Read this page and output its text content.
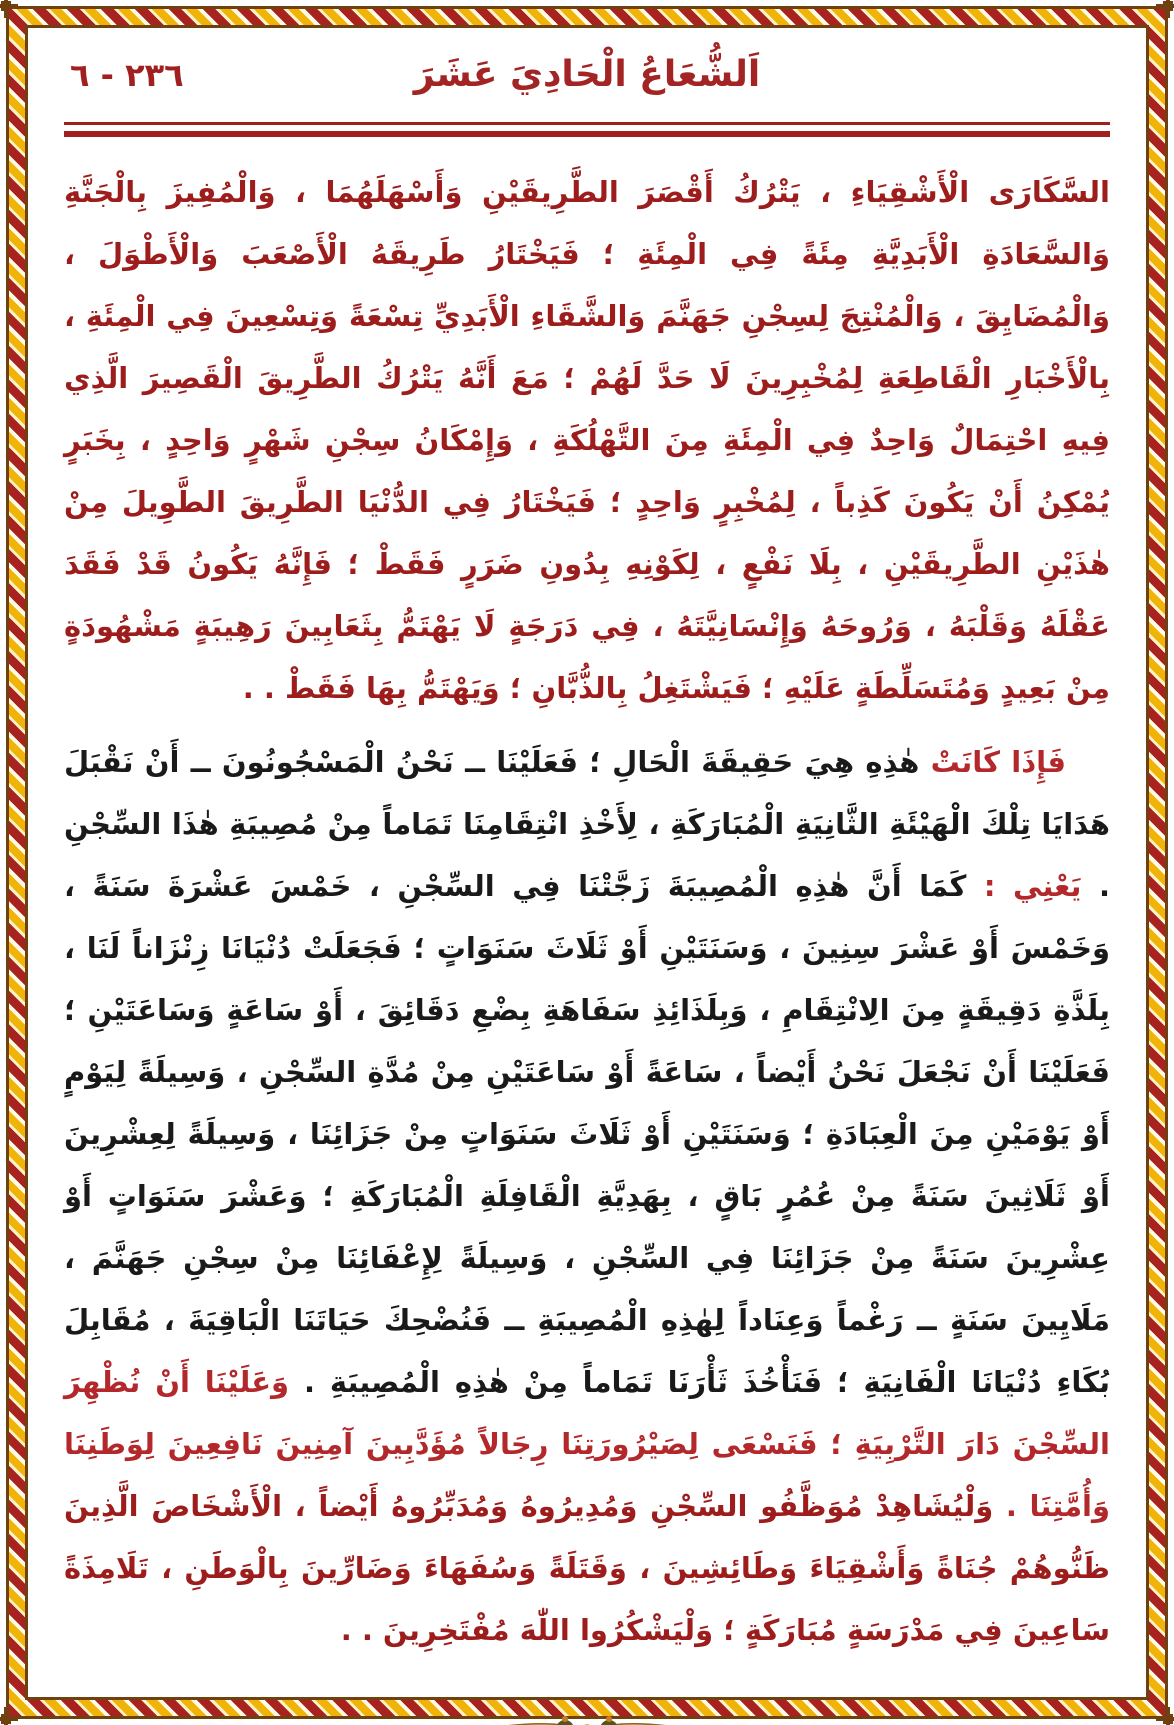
اَلشُّعَاعُ الْحَادِيَ عَشَرَ
٢٣٦ - ٦

السَّكَارَى الْأَشْقِيَاءِ ، يَتْرُكُ أَقْصَرَ الطَّرِيقَيْنِ وَأَسْهَلَهُمَا ، وَالْمُفِيزَ بِالْجَنَّةِ وَالسَّعَادَةِ الْأَبَدِيَّةِ مِئَةً فِي الْمِئَةِ ؛ فَيَخْتَارُ طَرِيقَهُ الْأَصْعَبَ وَالْأَطْوَلَ ، وَالْمُضَايِقَ ، وَالْمُنْتِجَ لِسِجْنِ جَهَنَّمَ وَالشَّقَاءِ الْأَبَدِيِّ تِسْعَةً وَتِسْعِينَ فِي الْمِئَةِ ، بِالْأَخْبَارِ الْقَاطِعَةِ لِمُخْبِرِينَ لَا حَدَّ لَهُمْ ؛ مَعَ أَنَّهُ يَتْرُكُ الطَّرِيقَ الْقَصِيرَ الَّذِي فِيهِ احْتِمَالٌ وَاحِدٌ فِي الْمِئَةِ مِنَ التَّهْلُكَةِ ، وَإِمْكَانُ سِجْنِ شَهْرٍ وَاحِدٍ ، بِخَبَرٍ يُمْكِنُ أَنْ يَكُونَ كَذِباً ، لِمُخْبِرٍ وَاحِدٍ ؛ فَيَخْتَارُ فِي الدُّنْيَا الطَّرِيقَ الطَّوِيلَ مِنْ هٰذَيْنِ الطَّرِيقَيْنِ ، بِلَا نَفْعٍ ، لِكَوْنِهِ بِدُونِ ضَرَرٍ فَقَطْ ؛ فَإِنَّهُ يَكُونُ قَدْ فَقَدَ عَقْلَهُ وَقَلْبَهُ ، وَرُوحَهُ وَإِنْسَانِيَّتَهُ ، فِي دَرَجَةٍ لَا يَهْتَمُّ بِثَعَابِينَ رَهِيبَةٍ مَشْهُودَةٍ مِنْ بَعِيدٍ وَمُتَسَلِّطَةٍ عَلَيْهِ ؛ فَيَشْتَغِلُ بِالذُّبَّانِ ؛ وَيَهْتَمُّ بِهَا فَقَطْ . .

فَإِذَا كَانَتْ هٰذِهِ هِيَ حَقِيقَةَ الْحَالِ ؛ فَعَلَيْنَا ــ نَحْنُ الْمَسْجُونُونَ ــ أَنْ نَقْبَلَ هَدَايَا تِلْكَ الْهَيْئَةِ الثَّانِيَةِ الْمُبَارَكَةِ ، لِأَخْذِ انْتِقَامِنَا تَمَاماً مِنْ مُصِيبَةِ هٰذَا السِّجْنِ . يَعْنِي : كَمَا أَنَّ هٰذِهِ الْمُصِيبَةَ زَجَّتْنَا فِي السِّجْنِ ، خَمْسَ عَشْرَةَ سَنَةً ، وَخَمْسَ أَوْ عَشْرَ سِنِينَ ، وَسَنَتَيْنِ أَوْ ثَلَاثَ سَنَوَاتٍ ؛ فَجَعَلَتْ دُنْيَانَا زِنْزَاناً لَنَا ، بِلَذَّةِ دَقِيقَةٍ مِنَ الِانْتِقَامِ ، وَبِلَذَائِذِ سَفَاهَةِ بِضْعِ دَقَائِقَ ، أَوْ سَاعَةٍ وَسَاعَتَيْنِ ؛ فَعَلَيْنَا أَنْ نَجْعَلَ نَحْنُ أَيْضاً ، سَاعَةً أَوْ سَاعَتَيْنِ مِنْ مُدَّةِ السِّجْنِ ، وَسِيلَةً لِيَوْمٍ أَوْ يَوْمَيْنِ مِنَ الْعِبَادَةِ ؛ وَسَنَتَيْنِ أَوْ ثَلَاثَ سَنَوَاتٍ مِنْ جَزَائِنَا ، وَسِيلَةً لِعِشْرِينَ أَوْ ثَلَاثِينَ سَنَةً مِنْ عُمُرٍ بَاقٍ ، بِهَدِيَّةِ الْقَافِلَةِ الْمُبَارَكَةِ ؛ وَعَشْرَ سَنَوَاتٍ أَوْ عِشْرِينَ سَنَةً مِنْ جَزَائِنَا فِي السِّجْنِ ، وَسِيلَةً لِإِعْفَائِنَا مِنْ سِجْنِ جَهَنَّمَ ، مَلَايِينَ سَنَةٍ ــ رَغْماً وَعِنَاداً لِهٰذِهِ الْمُصِيبَةِ ــ فَنُضْحِكَ حَيَاتَنَا الْبَاقِيَةَ ، مُقَابِلَ بُكَاءِ دُنْيَانَا الْفَانِيَةِ ؛ فَنَأْخُذَ ثَأْرَنَا تَمَاماً مِنْ هٰذِهِ الْمُصِيبَةِ . وَعَلَيْنَا أَنْ نُظْهِرَ السِّجْنَ دَارَ التَّرْبِيَةِ ؛ فَنَسْعَى لِصَيْرُورَتِنَا رِجَالاً مُؤَدَّبِينَ آمِنِينَ نَافِعِينَ لِوَطَنِنَا وَأُمَّتِنَا . وَلْيُشَاهِدْ مُوَظَّفُو السِّجْنِ وَمُدِيرُوهُ وَمُدَبِّرُوهُ أَيْضاً ، الْأَشْخَاصَ الَّذِينَ ظَنُّوهُمْ جُنَاةً وَأَشْقِيَاءَ وَطَائِشِينَ ، وَقَتَلَةً وَسُفَهَاءَ وَضَارِّينَ بِالْوَطَنِ ، تَلَامِذَةً سَاعِينَ فِي مَدْرَسَةٍ مُبَارَكَةٍ ؛ وَلْيَشْكُرُوا اللّٰهَ مُفْتَخِرِينَ . .
